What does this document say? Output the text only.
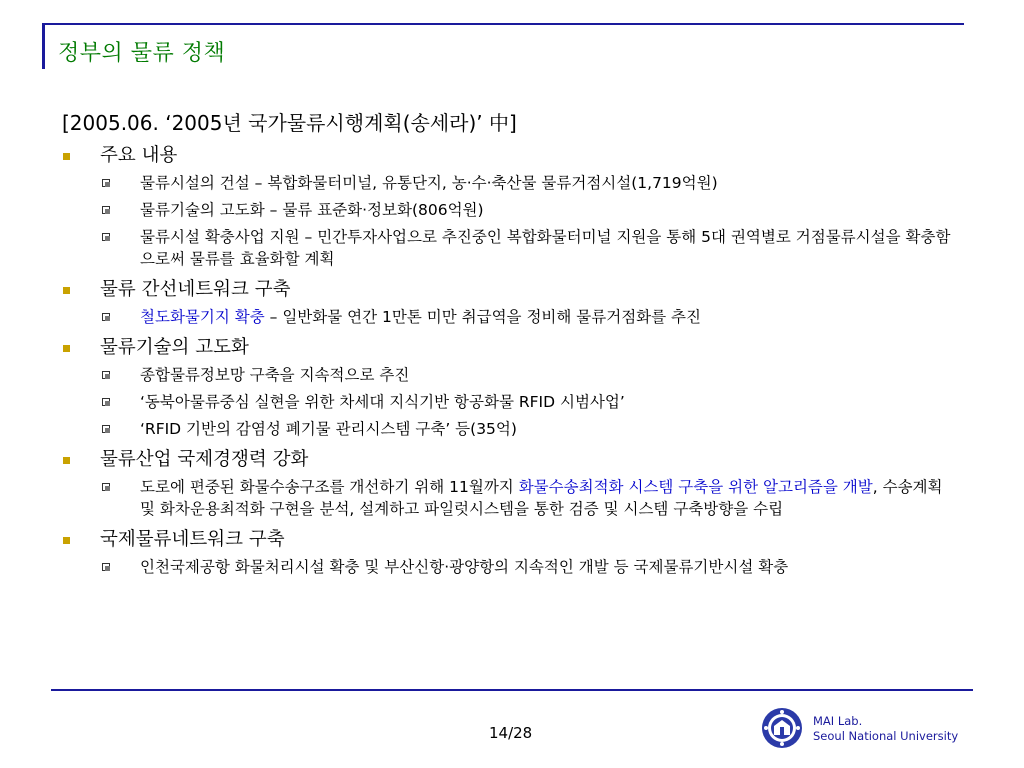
정부의 물류 정책
[2005.06. ‘2005년 국가물류시행계획(송세라)’ 中]
주요 내용
물류시설의 건설 – 복합화물터미널, 유통단지, 농·수·축산물 물류거점시설(1,719억원)
물류기술의 고도화 – 물류 표준화·정보화(806억원)
물류시설 확충사업 지원 – 민간투자사업으로 추진중인 복합화물터미널 지원을 통해 5대 권역별로 거점물류시설을 확충함으로써 물류를 효율화할 계획
물류 간선네트워크 구축
철도화물기지 확충 – 일반화물 연간 1만톤 미만 취급역을 정비해 물류거점화를 추진
물류기술의 고도화
종합물류정보망 구축을 지속적으로 추진
‘동북아물류중심 실현을 위한 차세대 지식기반 항공화물 RFID 시범사업’
‘RFID 기반의 감염성 폐기물 관리시스템 구축’ 등(35억)
물류산업 국제경쟁력 강화
도로에 편중된 화물수송구조를 개선하기 위해 11월까지 화물수송최적화 시스템 구축을 위한 알고리즘을 개발, 수송계획 및 화차운용최적화 구현을 분석, 설계하고 파일럿시스템을 통한 검증 및 시스템 구축방향을 수립
국제물류네트워크 구축
인천국제공항 화물처리시설 확충 및 부산신항·광양항의 지속적인 개발 등 국제물류기반시설 확충
14/28
MAI Lab.
Seoul National University
